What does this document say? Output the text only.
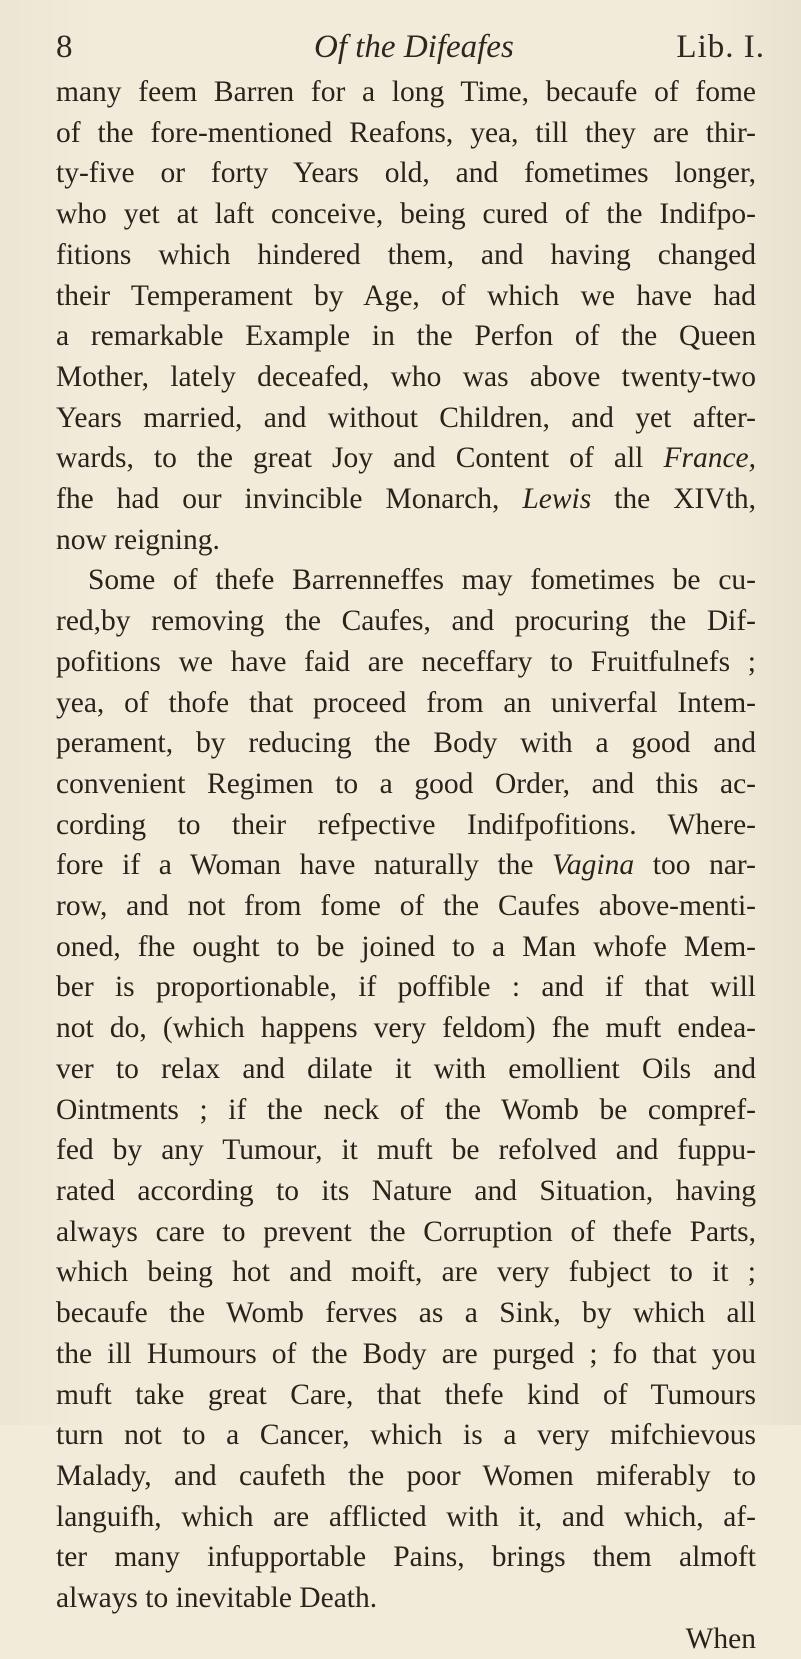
8	Of the Difeafes	Lib. I.

many feem Barren for a long Time, becaufe of fome

of the fore-mentioned Reafons, yea, till they are thir-

ty-five or forty Years old, and fometimes longer,

who yet at laft conceive, being cured of the Indifpo-

fitions which hindered them, and having changed

their Temperament by Age, of which we have had

a remarkable Example in the Perfon of the Queen

Mother, lately deceafed, who was above twenty-two

Years married, and without Children, and yet after-

wards, to the great Joy and Content of all France,

fhe had our invincible Monarch, Lewis the XIVth,

now reigning.

Some of thefe Barrenneffes may fometimes be cu-

red,by removing the Caufes, and procuring the Dif-

pofitions we have faid are neceffary to Fruitfulnefs ;

yea, of thofe that proceed from an univerfal Intem-

perament, by reducing the Body with a good and

convenient Regimen to a good Order, and this ac-

cording to their refpective Indifpofitions. Where-

fore if a Woman have naturally the Vagina too nar-

row, and not from fome of the Caufes above-menti-

oned, fhe ought to be joined to a Man whofe Mem-

ber is proportionable, if poffible : and if that will

not do, (which happens very feldom) fhe muft endea-

ver to relax and dilate it with emollient Oils and

Ointments ; if the neck of the Womb be compref-

fed by any Tumour, it muft be refolved and fuppu-

rated according to its Nature and Situation, having

always care to prevent the Corruption of thefe Parts,

which being hot and moift, are very fubject to it ;

becaufe the Womb ferves as a Sink, by which all

the ill Humours of the Body are purged ; fo that you

muft take great Care, that thefe kind of Tumours

turn not to a Cancer, which is a very mifchievous

Malady, and caufeth the poor Women miferably to

languifh, which are afflicted with it, and which, af-

ter many infupportable Pains, brings them almoft

always to inevitable Death.

When
